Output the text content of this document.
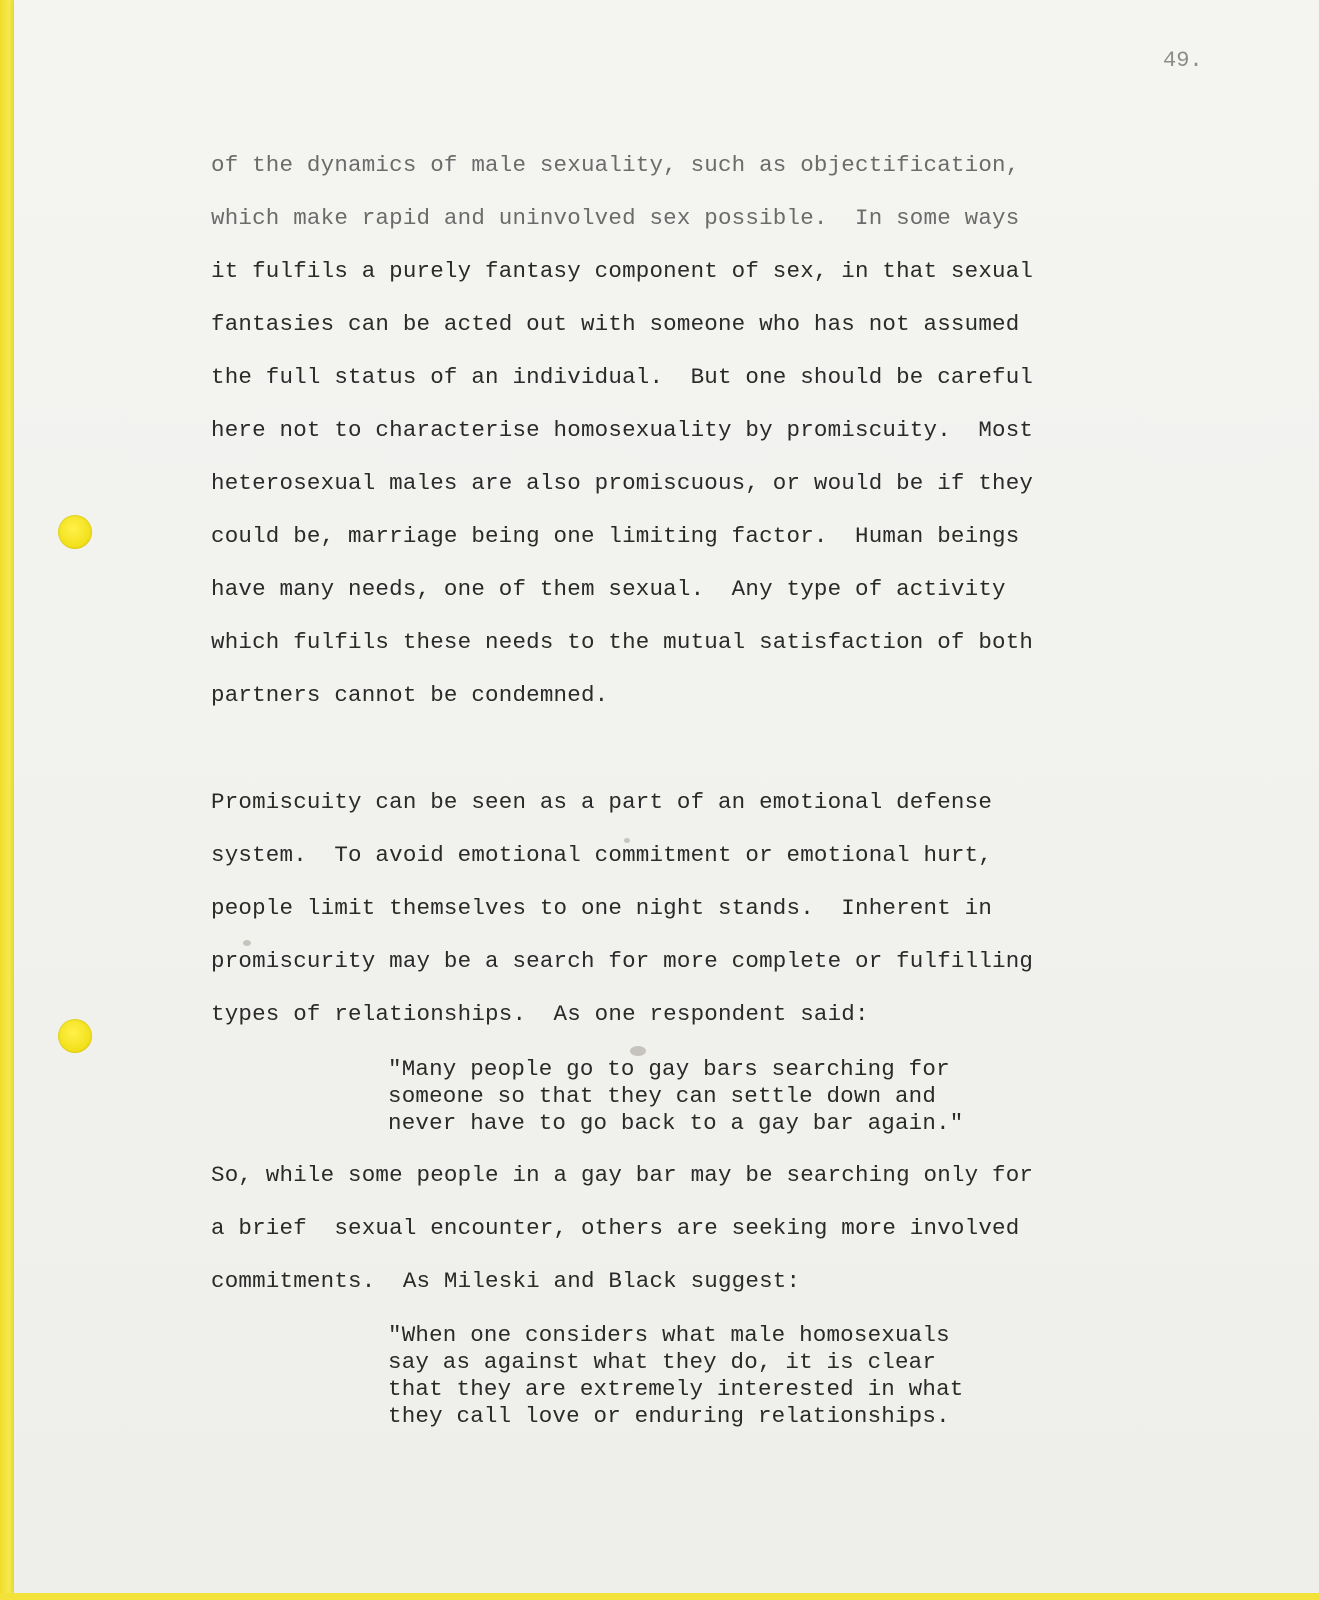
49.
of the dynamics of male sexuality, such as objectification,
which make rapid and uninvolved sex possible.  In some ways
it fulfils a purely fantasy component of sex, in that sexual
fantasies can be acted out with someone who has not assumed
the full status of an individual.  But one should be careful
here not to characterise homosexuality by promiscuity.  Most
heterosexual males are also promiscuous, or would be if they
could be, marriage being one limiting factor.  Human beings
have many needs, one of them sexual.  Any type of activity
which fulfils these needs to the mutual satisfaction of both
partners cannot be condemned.
Promiscuity can be seen as a part of an emotional defense
system.  To avoid emotional commitment or emotional hurt,
people limit themselves to one night stands.  Inherent in
promiscurity may be a search for more complete or fulfilling
types of relationships.  As one respondent said:
"Many people go to gay bars searching for
someone so that they can settle down and
never have to go back to a gay bar again."
So, while some people in a gay bar may be searching only for
a brief  sexual encounter, others are seeking more involved
commitments.  As Mileski and Black suggest:
"When one considers what male homosexuals
say as against what they do, it is clear
that they are extremely interested in what
they call love or enduring relationships.
